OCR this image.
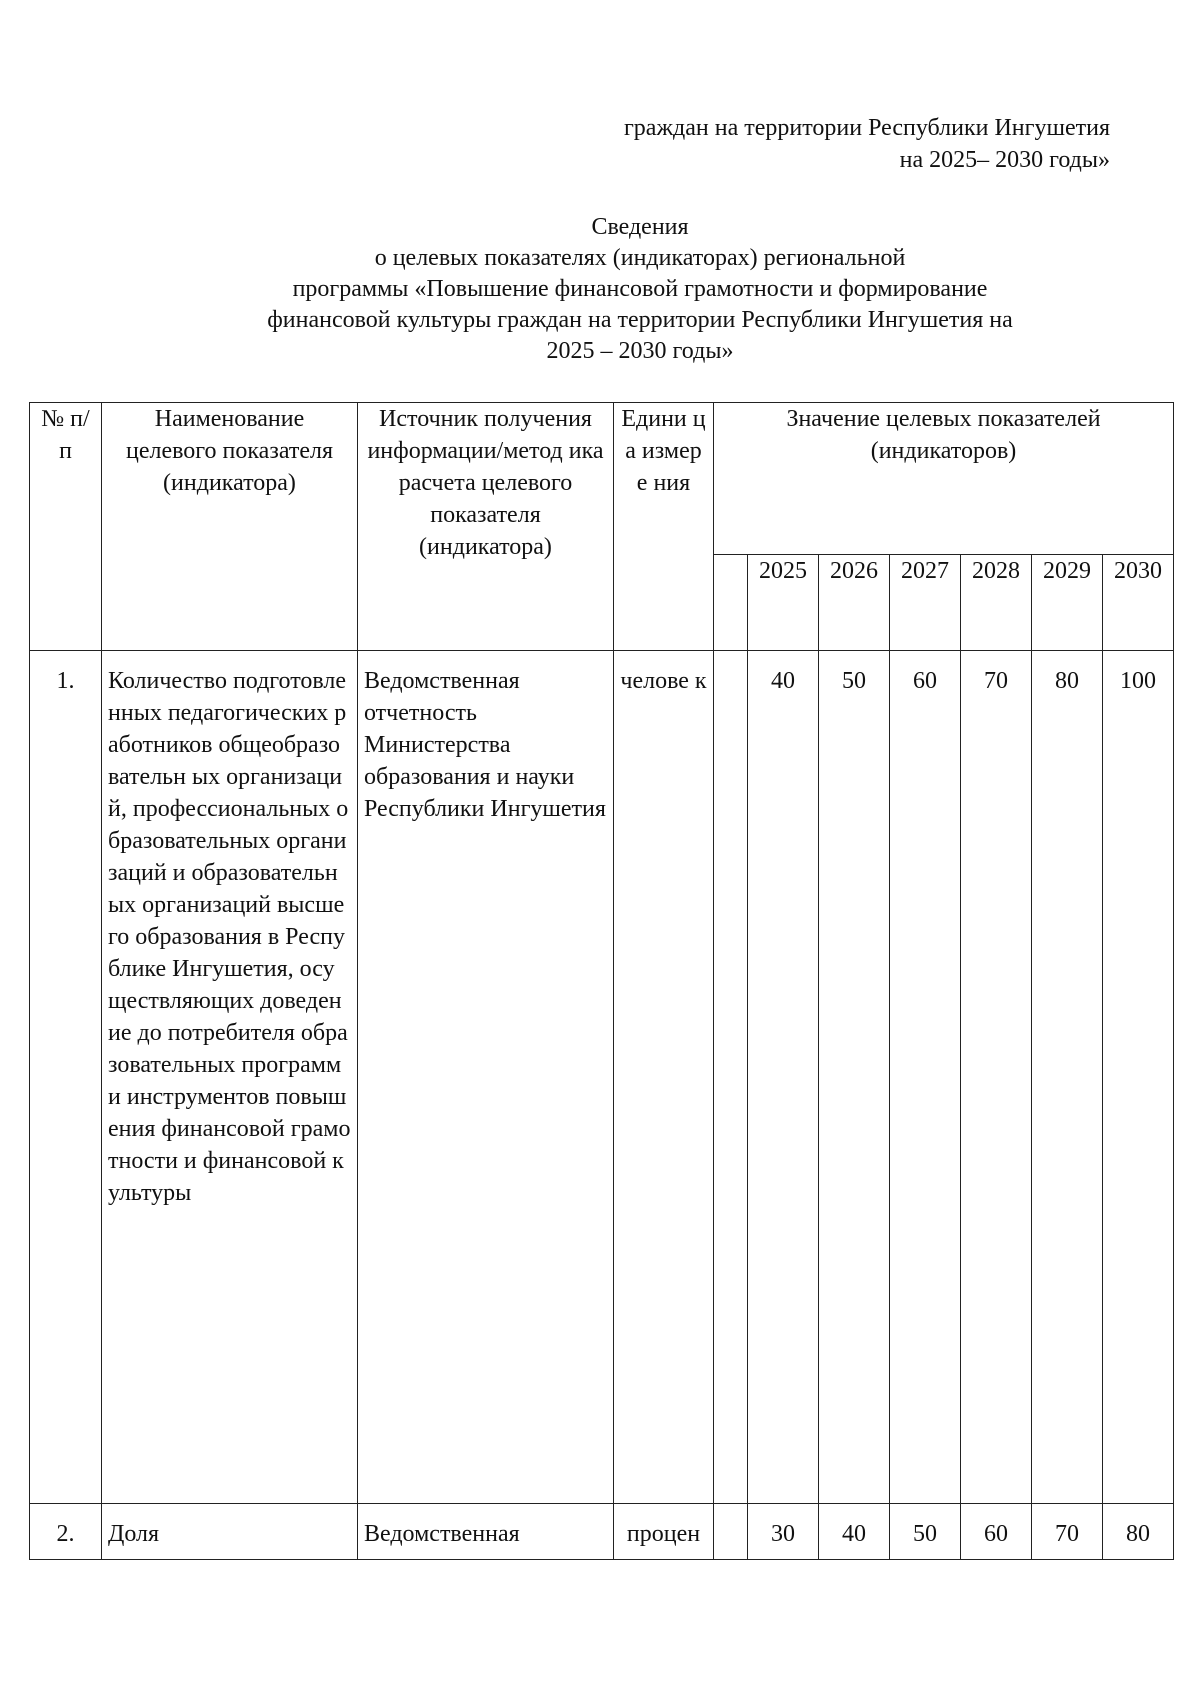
граждан на территории Республики Ингушетия
на 2025– 2030 годы»
Сведения
о целевых показателях (индикаторах) региональной
программы «Повышение финансовой грамотности и формирование
финансовой культуры граждан на территории Республики Ингушетия на
2025 – 2030 годы»
№ п/п	Наименование целевого показателя (индикатора)	Источник получения информации/метод ика расчета целевого показателя (индикатора)	Едини ца измере ния	Значение целевых показателей (индикаторов)						
					2025	2026	2027	2028	2029	2030
1.	Количество подготовленных педагогических работников общеобразовательн ых организаций, профессиональных образовательных организаций и образовательных организаций высшего образования в Республике Ингушетия, осуществляющих доведение до потребителя образовательных программ и инструментов повышения финансовой грамотности и финансовой культуры	Ведомственная отчетность Министерства образования и науки Республики Ингушетия	челове к		40	50	60	70	80	100
2.	Доля	Ведомственная	процен		30	40	50	60	70	80
